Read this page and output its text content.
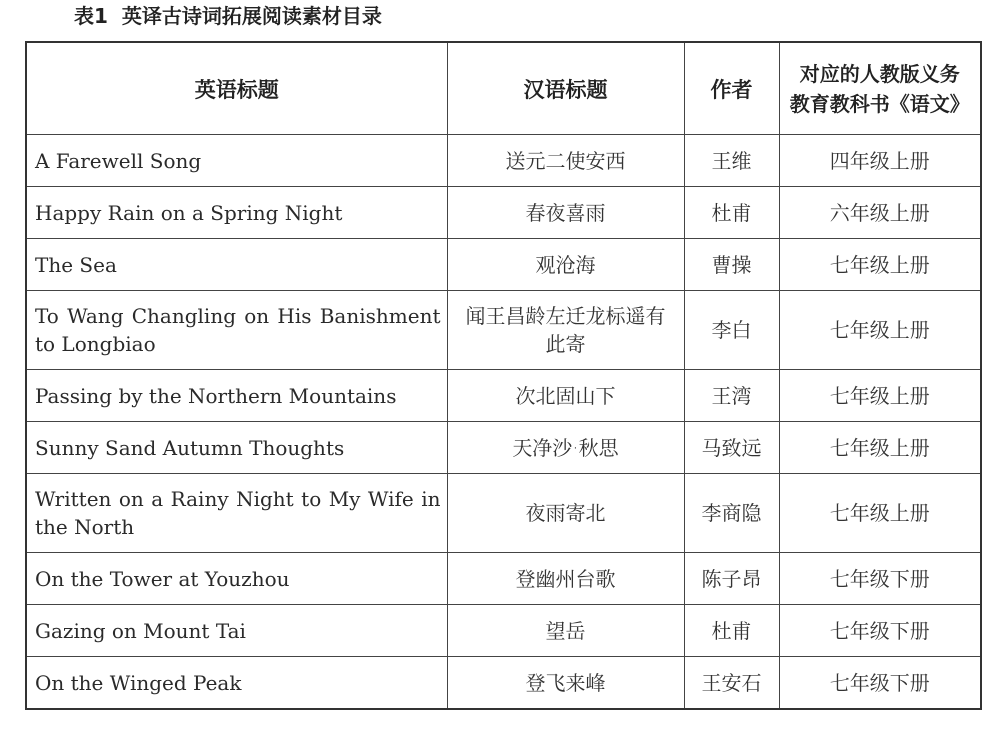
表1 英译古诗词拓展阅读素材目录
英语标题	汉语标题	作者	对应的人教版义务
教育教科书《语文》

A Farewell Song	送元二使安西	王维	四年级上册

Happy Rain on a Spring Night	春夜喜雨	杜甫	六年级上册

The Sea	观沧海	曹操	七年级上册

To Wang Changling on His Banishment to Longbiao	闻王昌龄左迁龙标遥有此寄	李白	七年级上册

Passing by the Northern Mountains	次北固山下	王湾	七年级上册

Sunny Sand Autumn Thoughts	天净沙·秋思	马致远	七年级上册

Written on a Rainy Night to My Wife in the North	夜雨寄北	李商隐	七年级上册

On the Tower at Youzhou	登幽州台歌	陈子昂	七年级下册

Gazing on Mount Tai	望岳	杜甫	七年级下册

On the Winged Peak	登飞来峰	王安石	七年级下册
